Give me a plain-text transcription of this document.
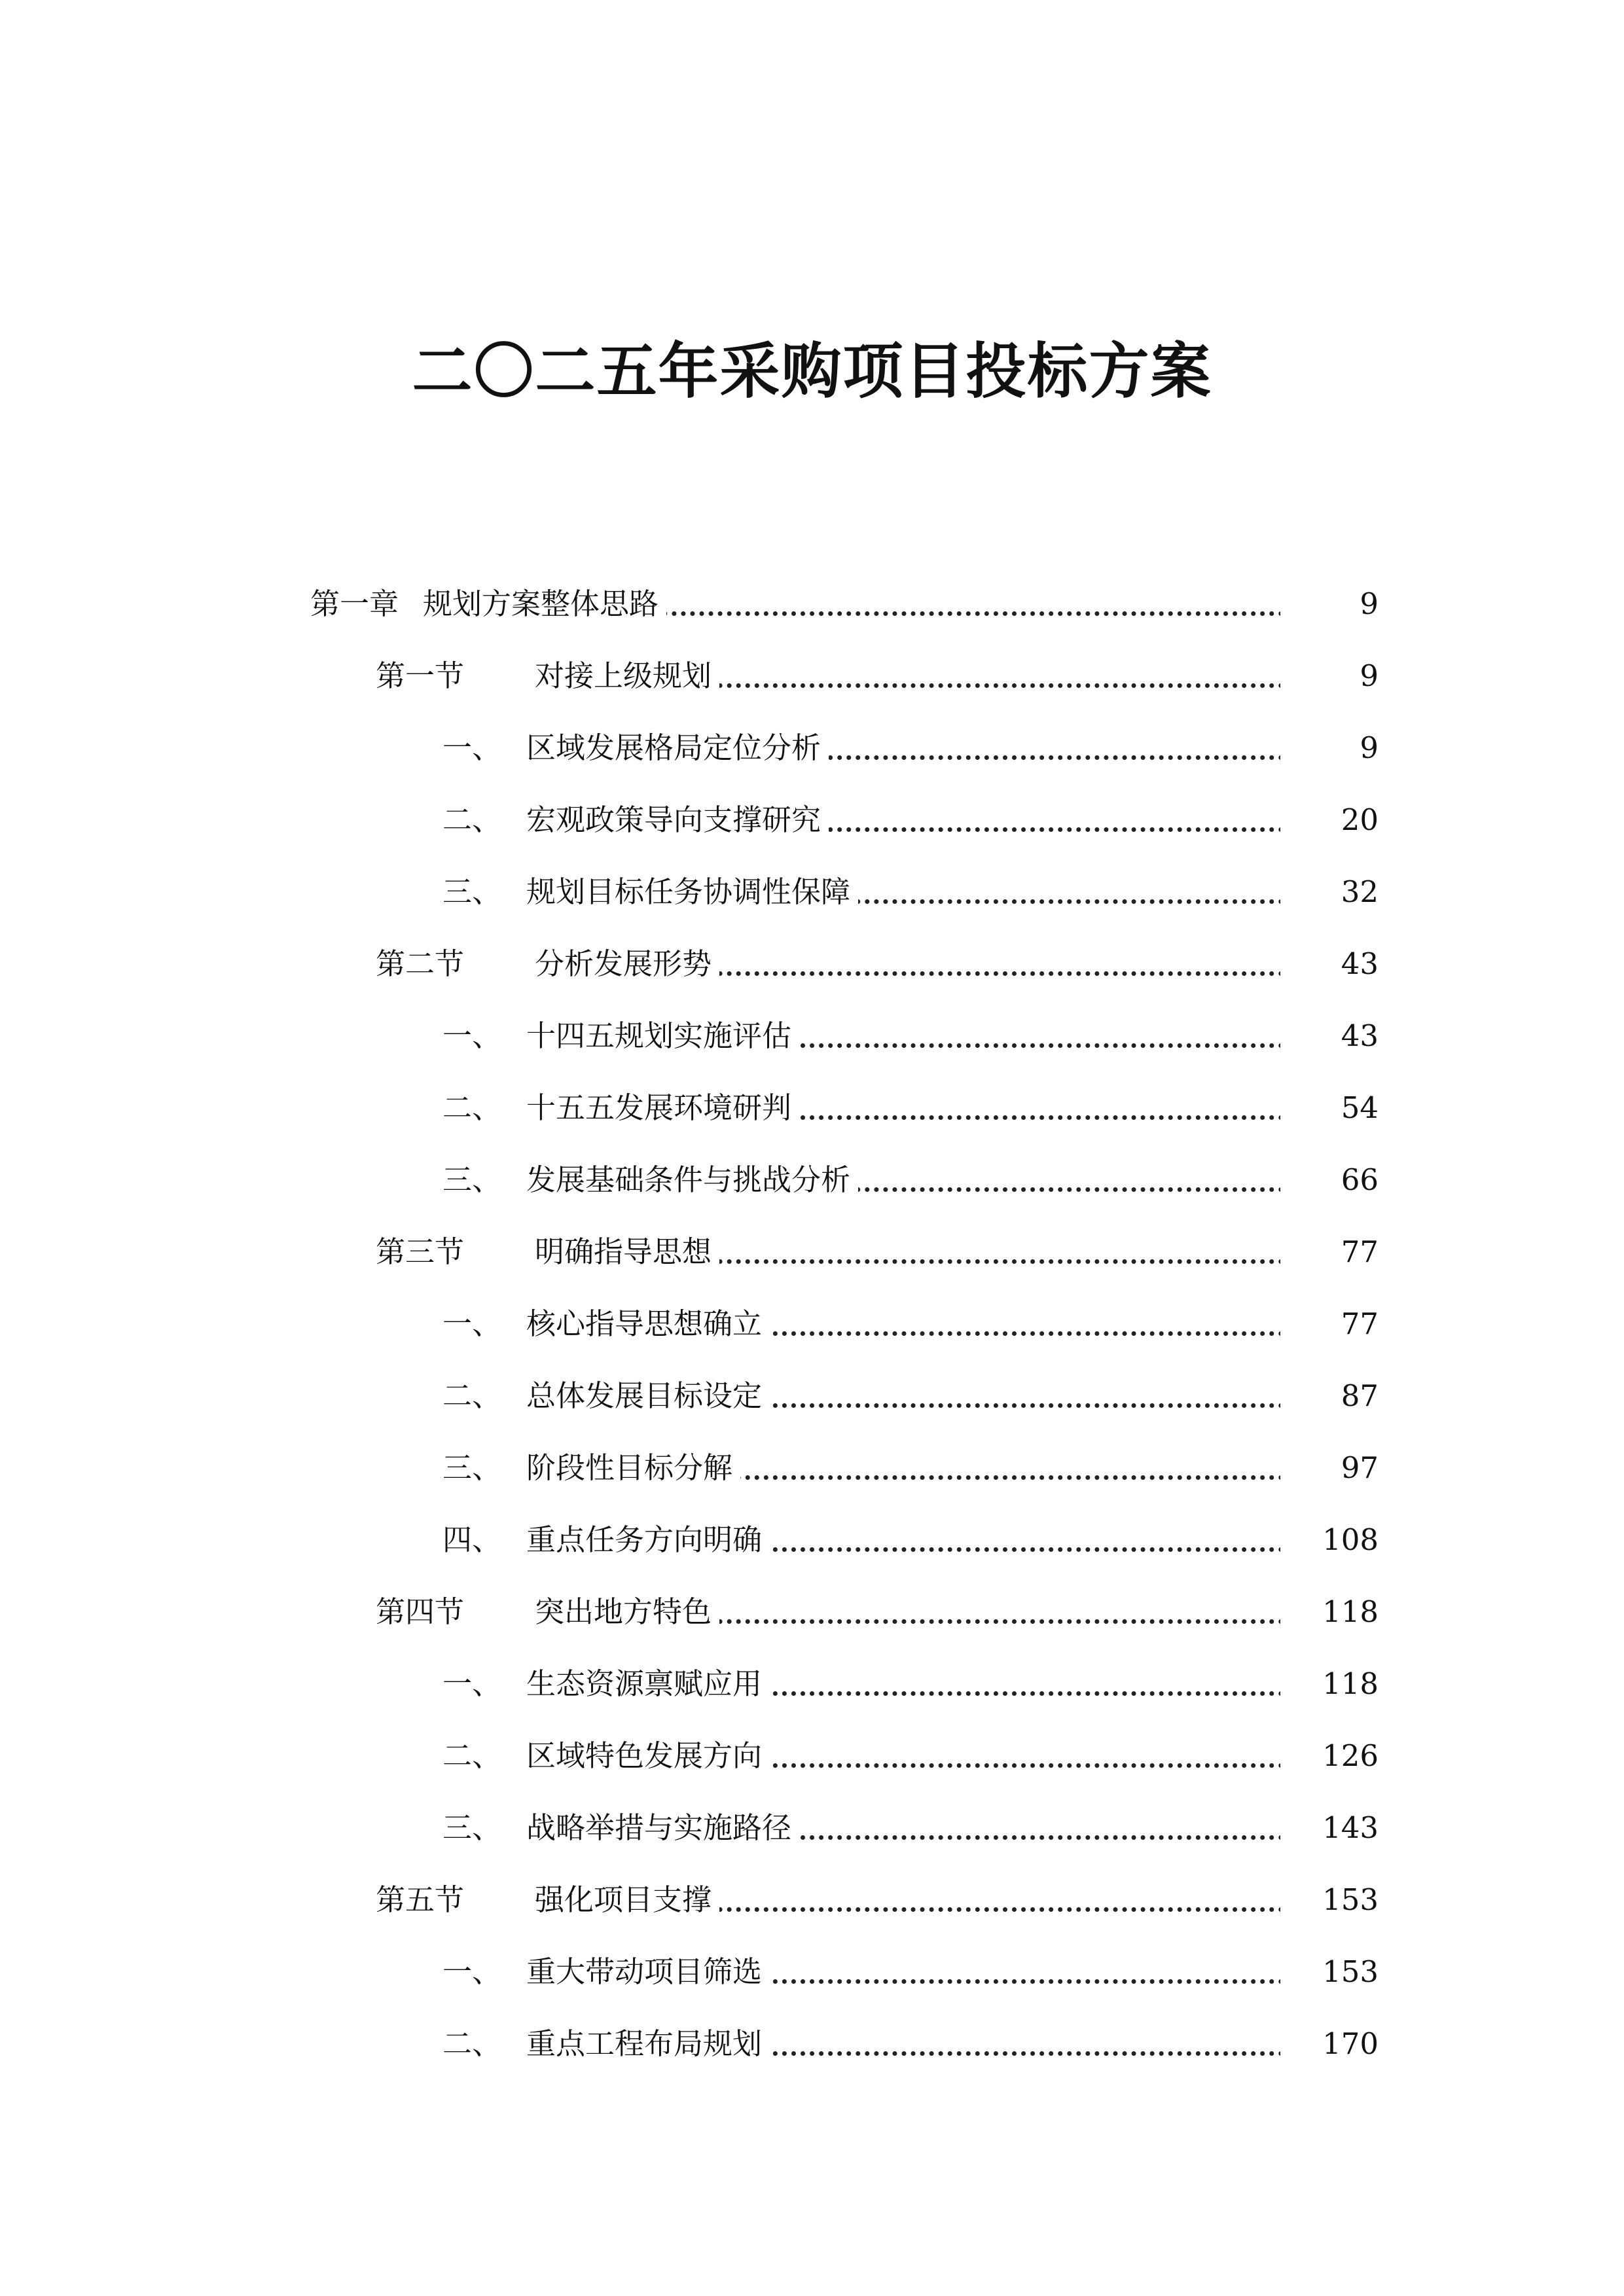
二〇二五年采购项目投标方案
第一章 规划方案整体思路	9
第一节 对接上级规划	9
一、 区域发展格局定位分析	9
二、 宏观政策导向支撑研究	20
三、 规划目标任务协调性保障	32
第二节 分析发展形势	43
一、 十四五规划实施评估	43
二、 十五五发展环境研判	54
三、 发展基础条件与挑战分析	66
第三节 明确指导思想	77
一、 核心指导思想确立	77
二、 总体发展目标设定	87
三、 阶段性目标分解	97
四、 重点任务方向明确	108
第四节 突出地方特色	118
一、 生态资源禀赋应用	118
二、 区域特色发展方向	126
三、 战略举措与实施路径	143
第五节 强化项目支撑	153
一、 重大带动项目筛选	153
二、 重点工程布局规划	170
